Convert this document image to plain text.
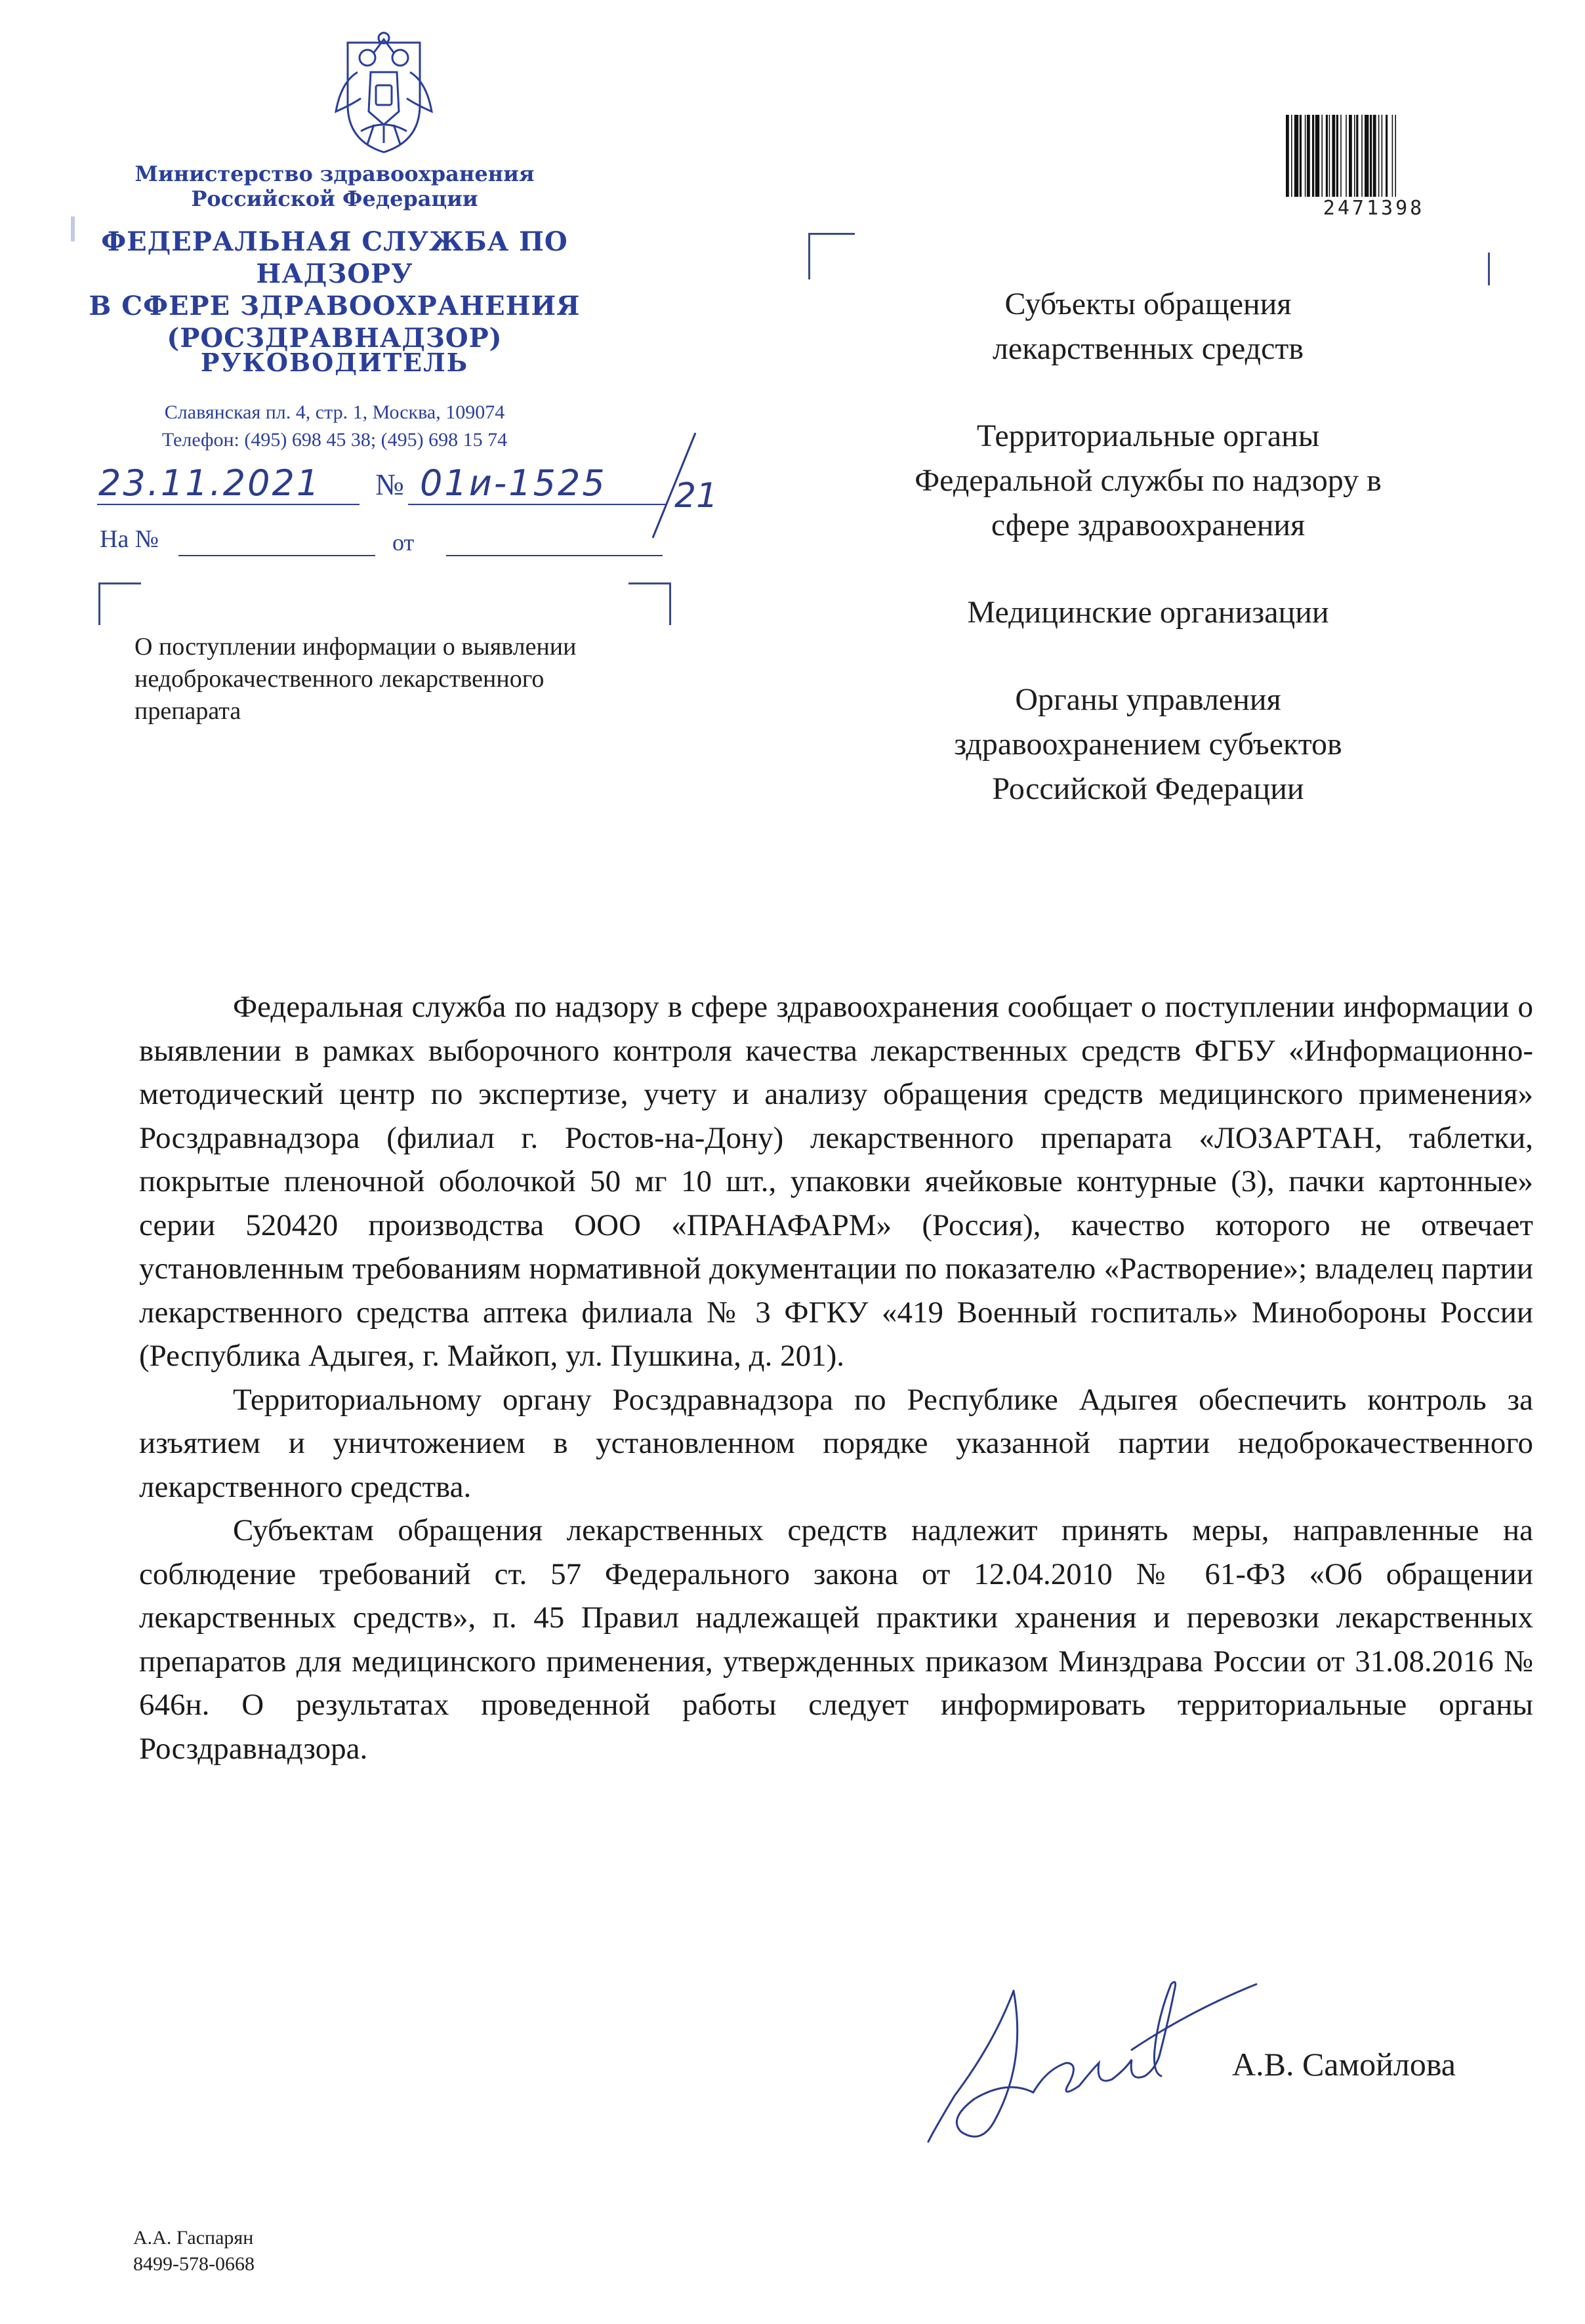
Министерство здравоохранения
Российской Федерации
ФЕДЕРАЛЬНАЯ СЛУЖБА ПО НАДЗОРУ
В СФЕРЕ ЗДРАВООХРАНЕНИЯ
(РОСЗДРАВНАДЗОР)
РУКОВОДИТЕЛЬ
Славянская пл. 4, стр. 1, Москва, 109074
Телефон: (495) 698 45 38; (495) 698 15 74
23.11.2021 № 01и-1525 21
На №	от
О поступлении информации о выявлении
недоброкачественного лекарственного
препарата
2471398

Субъекты обращения
лекарственных средств

Территориальные органы
Федеральной службы по надзору в
сфере здравоохранения

Медицинские организации

Органы управления
здравоохранением субъектов
Российской Федерации

Федеральная служба по надзору в сфере здравоохранения сообщает о поступлении информации о выявлении в рамках выборочного контроля качества лекарственных средств ФГБУ «Информационно-методический центр по экспертизе, учету и анализу обращения средств медицинского применения» Росздравнадзора (филиал г. Ростов-на-Дону) лекарственного препарата «ЛОЗАРТАН, таблетки, покрытые пленочной оболочкой 50 мг 10 шт., упаковки ячейковые контурные (3), пачки картонные» серии 520420 производства ООО «ПРАНАФАРМ» (Россия), качество которого не отвечает установленным требованиям нормативной документации по показателю «Растворение»; владелец партии лекарственного средства аптека филиала № 3 ФГКУ «419 Военный госпиталь» Минобороны России (Республика Адыгея, г. Майкоп, ул. Пушкина, д. 201).

Территориальному органу Росздравнадзора по Республике Адыгея обеспечить контроль за изъятием и уничтожением в установленном порядке указанной партии недоброкачественного лекарственного средства.

Субъектам обращения лекарственных средств надлежит принять меры, направленные на соблюдение требований ст. 57 Федерального закона от 12.04.2010 № 61-ФЗ «Об обращении лекарственных средств», п. 45 Правил надлежащей практики хранения и перевозки лекарственных препаратов для медицинского применения, утвержденных приказом Минздрава России от 31.08.2016 № 646н. О результатах проведенной работы следует информировать территориальные органы Росздравнадзора.

А.В. Самойлова
А.А. Гаспарян
8499-578-0668
